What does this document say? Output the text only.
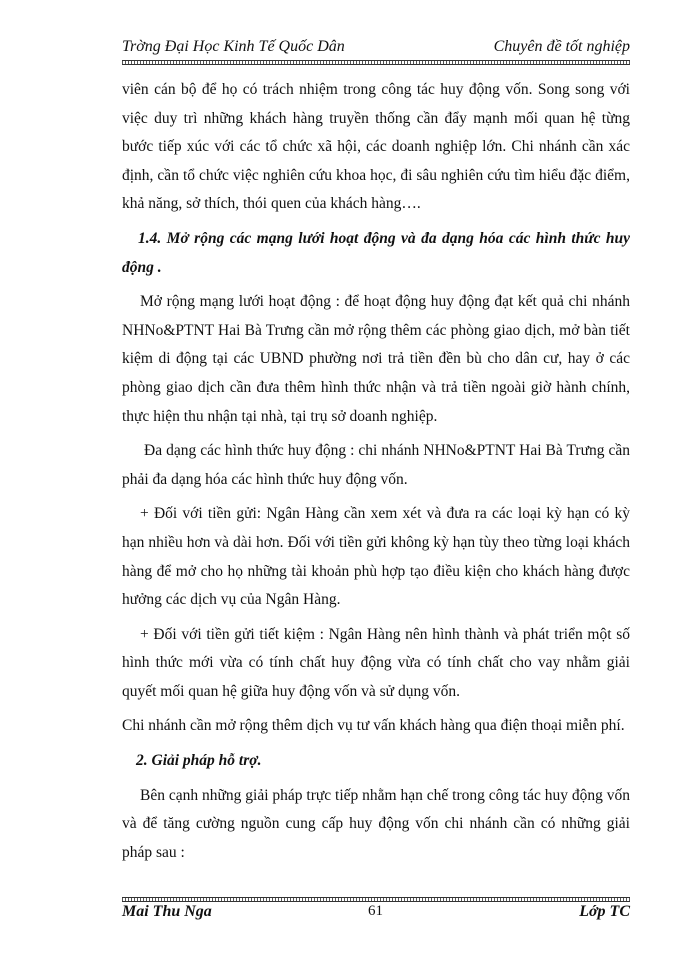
Trờng Đại Học Kinh Tế Quốc Dân	Chuyên đề tốt nghiệp

viên cán bộ để họ có trách nhiệm trong công tác huy động vốn. Song song với việc duy trì những khách hàng truyền thống cần đẩy mạnh mối quan hệ từng bước tiếp xúc với các tổ chức xã hội, các doanh nghiệp lớn. Chi nhánh cần xác định, cần tổ chức việc nghiên cứu khoa học, đi sâu nghiên cứu tìm hiểu đặc điểm, khả năng, sở thích, thói quen của khách hàng….

1.4. Mở rộng các mạng lưới hoạt động và đa dạng hóa các hình thức huy động .

Mở rộng mạng lưới hoạt động : để hoạt động huy động đạt kết quả chi nhánh NHNo&PTNT Hai Bà Trưng cần mở rộng thêm các phòng giao dịch, mở bàn tiết kiệm di động tại các UBND phường nơi trả tiền đền bù cho dân cư, hay ở các phòng giao dịch cần đưa thêm hình thức nhận và trả tiền ngoài giờ hành chính, thực hiện thu nhận tại nhà, tại trụ sở doanh nghiệp.

Đa dạng các hình thức huy động : chi nhánh NHNo&PTNT Hai Bà Trưng cần phải đa dạng hóa các hình thức huy động vốn.

+ Đối với tiền gửi: Ngân Hàng cần xem xét và đưa ra các loại kỳ hạn có kỳ hạn nhiều hơn và dài hơn. Đối với tiền gửi không kỳ hạn tùy theo từng loại khách hàng để mở cho họ những tài khoản phù hợp tạo điều kiện cho khách hàng được hưởng các dịch vụ của Ngân Hàng.

+ Đối với tiền gửi tiết kiệm : Ngân Hàng nên hình thành và phát triển một số hình thức mới vừa có tính chất huy động vừa có tính chất cho vay nhằm giải quyết mối quan hệ giữa huy động vốn và sử dụng vốn.

Chi nhánh cần mở rộng thêm dịch vụ tư vấn khách hàng qua điện thoại miễn phí.

2. Giải pháp hỗ trợ.

Bên cạnh những giải pháp trực tiếp nhằm hạn chế trong công tác huy động vốn và để tăng cường nguồn cung cấp huy động vốn chi nhánh cần có những giải pháp sau :

Mai Thu Nga	61	Lớp TC
